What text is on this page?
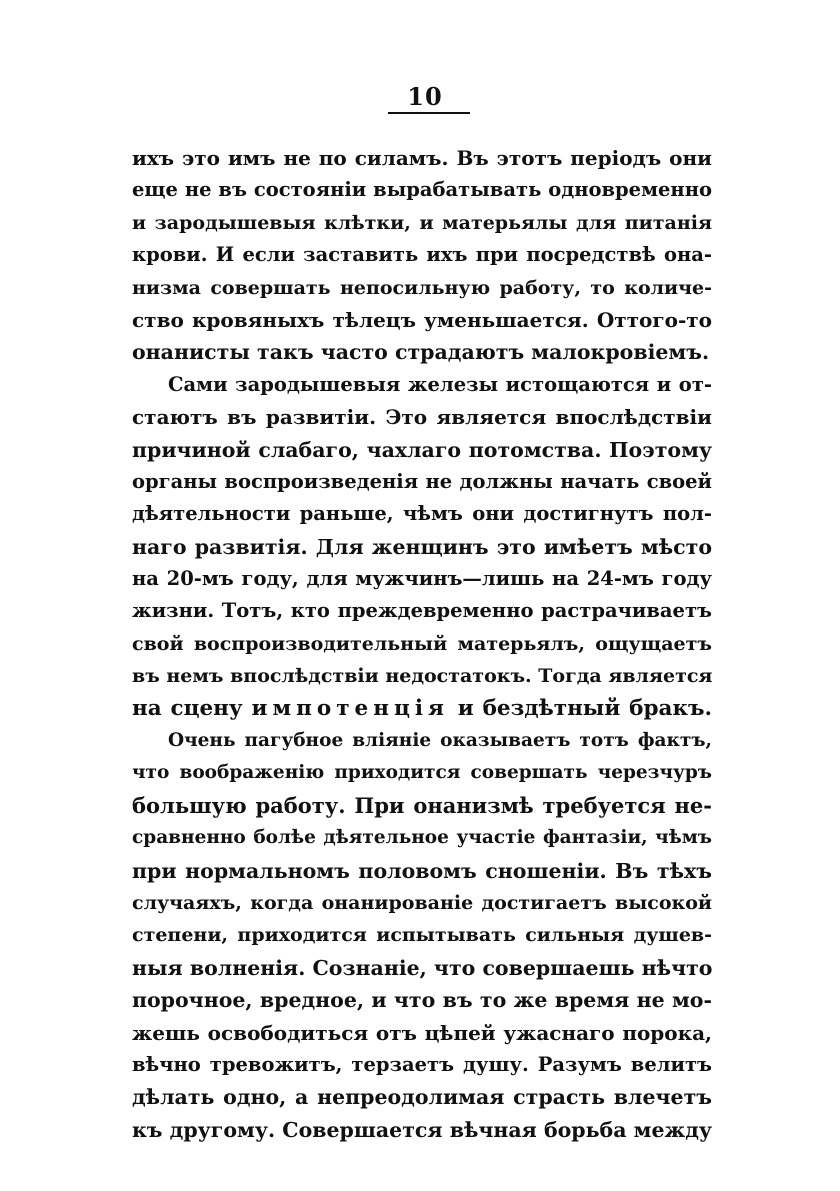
10
ихъ это имъ не по силамъ. Въ этотъ періодъ они
еще не въ состояніи вырабатывать одновременно
и зародышевыя клѣтки, и матерьялы для питанія
крови. И если заставить ихъ при посредствѣ она-
низма совершать непосильную работу, то количе-
ство кровяныхъ тѣлецъ уменьшается. Оттого-то
онанисты такъ часто страдаютъ малокровіемъ.
Сами зародышевыя железы истощаются и от-
стаютъ въ развитіи. Это является впослѣдствіи
причиной слабаго, чахлаго потомства. Поэтому
органы воспроизведенія не должны начать своей
дѣятельности раньше, чѣмъ они достигнутъ пол-
наго развитія. Для женщинъ это имѣетъ мѣсто
на 20-мъ году, для мужчинъ—лишь на 24-мъ году
жизни. Тотъ, кто преждевременно растрачиваетъ
свой воспроизводительный матерьялъ, ощущаетъ
въ немъ впослѣдствіи недостатокъ. Тогда является
на сцену импотенція и бездѣтный бракъ.
Очень пагубное вліяніе оказываетъ тотъ фактъ,
что воображенію приходится совершать черезчуръ
большую работу. При онанизмѣ требуется не-
сравненно болѣе дѣятельное участіе фантазіи, чѣмъ
при нормальномъ половомъ сношеніи. Въ тѣхъ
случаяхъ, когда онанированіе достигаетъ высокой
степени, приходится испытывать сильныя душев-
ныя волненія. Сознаніе, что совершаешь нѣчто
порочное, вредное, и что въ то же время не мо-
жешь освободиться отъ цѣпей ужаснаго порока,
вѣчно тревожитъ, терзаетъ душу. Разумъ велитъ
дѣлать одно, а непреодолимая страсть влечетъ
къ другому. Совершается вѣчная борьба между
